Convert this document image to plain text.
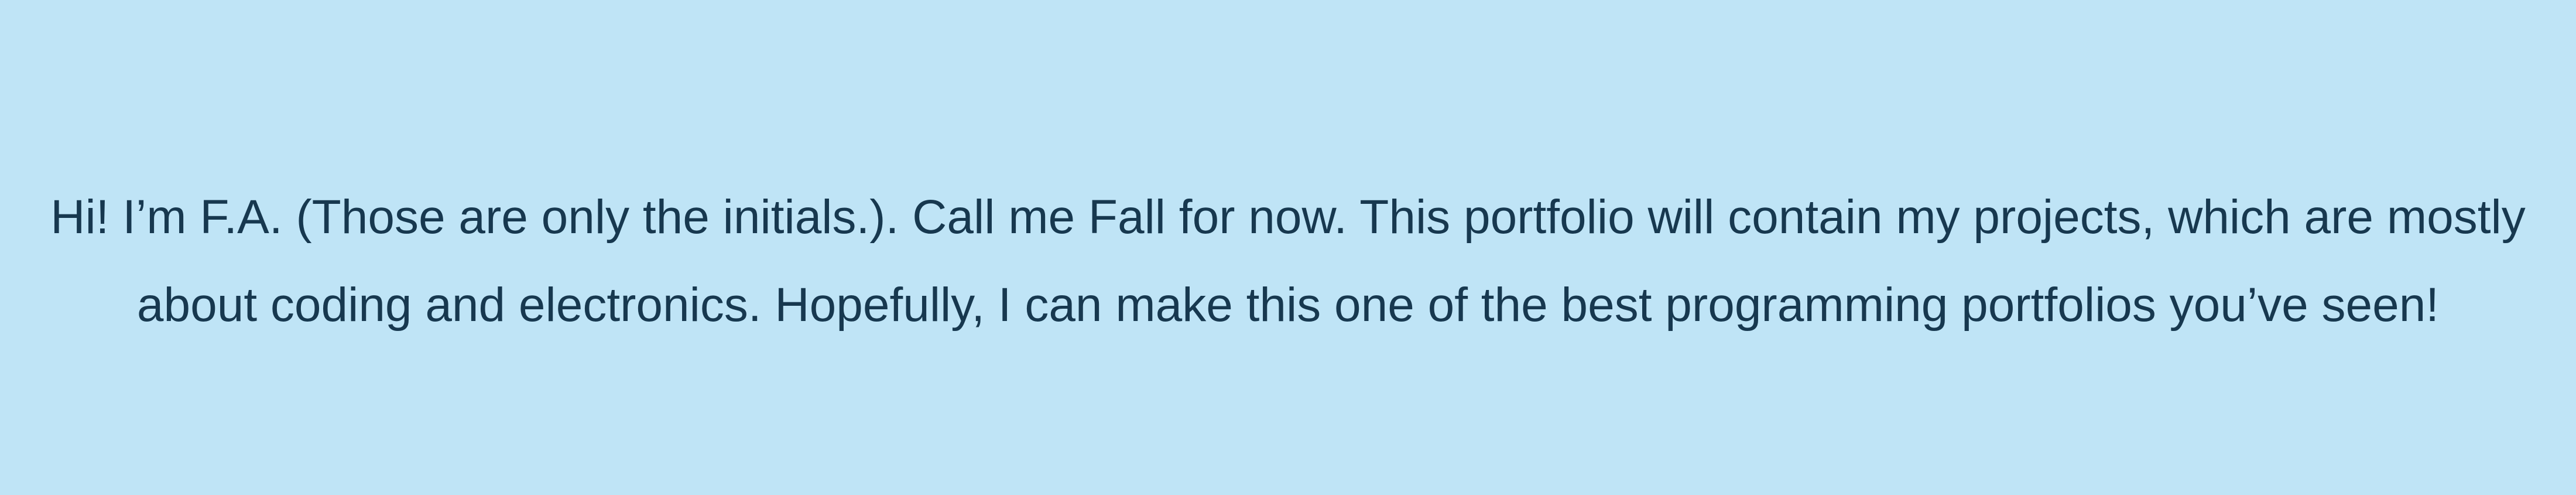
Hi! I’m F.A. (Those are only the initials.). Call me Fall for now. This portfolio will contain my projects, which are mostly about coding and electronics. Hopefully, I can make this one of the best programming portfolios you’ve seen!
